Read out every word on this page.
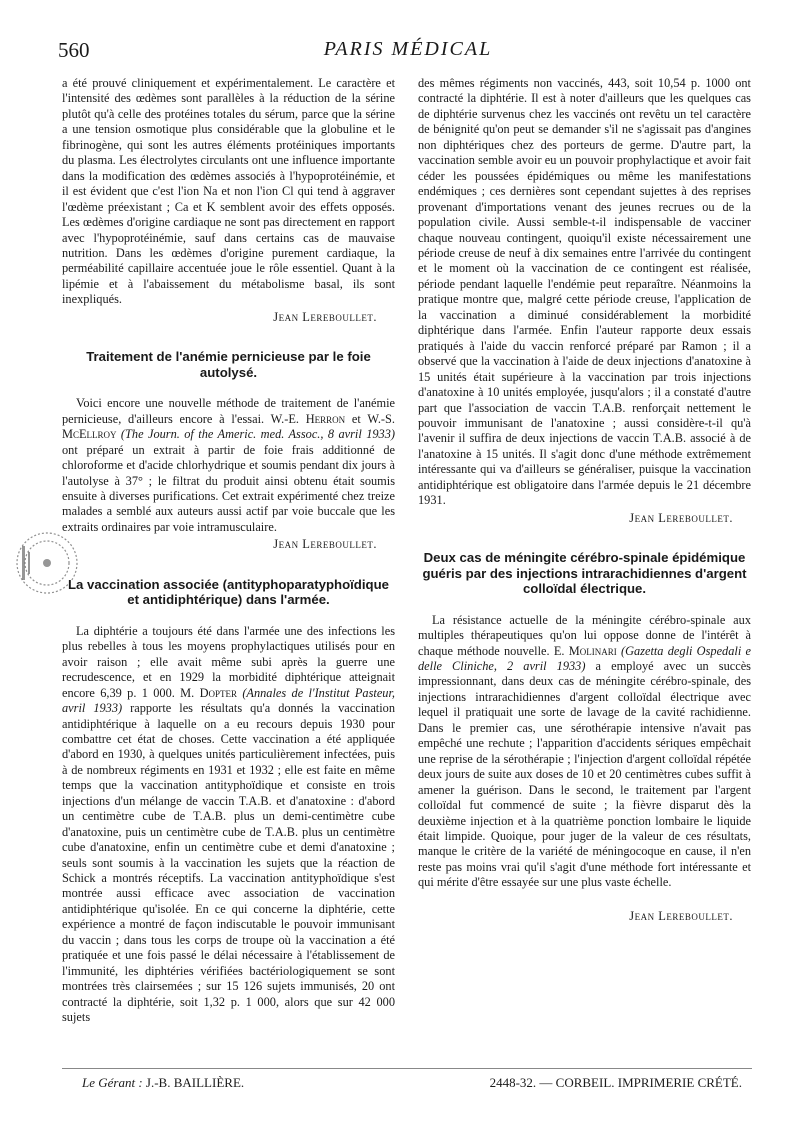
560	PARIS MÉDICAL

a été prouvé cliniquement et expérimentalement. Le caractère et l'intensité des œdèmes sont parallèles à la réduction de la sérine plutôt qu'à celle des protéines totales du sérum, parce que la sérine a une tension osmotique plus considérable que la globuline et le fibrinogène, qui sont les autres éléments protéiniques importants du plasma. Les électrolytes circulants ont une influence importante dans la modification des œdèmes associés à l'hypoprotéinémie, et il est évident que c'est l'ion Na et non l'ion Cl qui tend à aggraver l'œdème préexistant ; Ca et K semblent avoir des effets opposés. Les œdèmes d'origine cardiaque ne sont pas directement en rapport avec l'hypoprotéinémie, sauf dans certains cas de mauvaise nutrition. Dans les œdèmes d'origine purement cardiaque, la perméabilité capillaire accentuée joue le rôle essentiel. Quant à la lipémie et à l'abaissement du métabolisme basal, ils sont inexpliqués.

Jean Lereboullet.
Traitement de l'anémie pernicieuse par le foie autolysé.

Voici encore une nouvelle méthode de traitement de l'anémie pernicieuse, d'ailleurs encore à l'essai. W.-E. Herron et W.-S. McEllroy (The Journ. of the Americ. med. Assoc., 8 avril 1933) ont préparé un extrait à partir de foie frais additionné de chloroforme et d'acide chlorhydrique et soumis pendant dix jours à l'autolyse à 37° ; le filtrat du produit ainsi obtenu était soumis ensuite à diverses purifications. Cet extrait expérimenté chez treize malades a semblé aux auteurs aussi actif par voie buccale que les extraits ordinaires par voie intramusculaire.

Jean Lereboullet.
La vaccination associée (antityphoparatyphoïdique et antidiphtérique) dans l'armée.

La diphtérie a toujours été dans l'armée une des infections les plus rebelles à tous les moyens prophylactiques utilisés pour en avoir raison ; elle avait même subi après la guerre une recrudescence, et en 1929 la morbidité diphtérique atteignait encore 6,39 p. 1 000. M. Dopter (Annales de l'Institut Pasteur, avril 1933) rapporte les résultats qu'a donnés la vaccination antidiphtérique à laquelle on a eu recours depuis 1930 pour combattre cet état de choses. Cette vaccination a été appliquée d'abord en 1930, à quelques unités particulièrement infectées, puis à de nombreux régiments en 1931 et 1932 ; elle est faite en même temps que la vaccination antityphoïdique et consiste en trois injections d'un mélange de vaccin T.A.B. et d'anatoxine : d'abord un centimètre cube de T.A.B. plus un demi-centimètre cube d'anatoxine, puis un centimètre cube de T.A.B. plus un centimètre cube d'anatoxine, enfin un centimètre cube et demi d'anatoxine ; seuls sont soumis à la vaccination les sujets que la réaction de Schick a montrés réceptifs. La vaccination antityphoïdique s'est montrée aussi efficace avec association de vaccination antidiphtérique qu'isolée. En ce qui concerne la diphtérie, cette expérience a montré de façon indiscutable le pouvoir immunisant du vaccin ; dans tous les corps de troupe où la vaccination a été pratiquée et une fois passé le délai nécessaire à l'établissement de l'immunité, les diphtéries vérifiées bactériologiquement se sont montrées très clairsemées ; sur 15 126 sujets immunisés, 20 ont contracté la diphtérie, soit 1,32 p. 1 000, alors que sur 42 000 sujets

des mêmes régiments non vaccinés, 443, soit 10,54 p. 1000 ont contracté la diphtérie. Il est à noter d'ailleurs que les quelques cas de diphtérie survenus chez les vaccinés ont revêtu un tel caractère de bénignité qu'on peut se demander s'il ne s'agissait pas d'angines non diphtériques chez des porteurs de germe. D'autre part, la vaccination semble avoir eu un pouvoir prophylactique et avoir fait céder les poussées épidémiques ou même les manifestations endémiques ; ces dernières sont cependant sujettes à des reprises provenant d'importations venant des jeunes recrues ou de la population civile. Aussi semble-t-il indispensable de vacciner chaque nouveau contingent, quoiqu'il existe nécessairement une période creuse de neuf à dix semaines entre l'arrivée du contingent et le moment où la vaccination de ce contingent est réalisée, période pendant laquelle l'endémie peut reparaître. Néanmoins la pratique montre que, malgré cette période creuse, l'application de la vaccination a diminué considérablement la morbidité diphtérique dans l'armée. Enfin l'auteur rapporte deux essais pratiqués à l'aide du vaccin renforcé préparé par Ramon ; il a observé que la vaccination à l'aide de deux injections d'anatoxine à 15 unités était supérieure à la vaccination par trois injections d'anatoxine à 10 unités employée, jusqu'alors ; il a constaté d'autre part que l'association de vaccin T.A.B. renforçait nettement le pouvoir immunisant de l'anatoxine ; aussi considère-t-il qu'à l'avenir il suffira de deux injections de vaccin T.A.B. associé à de l'anatoxine à 15 unités. Il s'agit donc d'une méthode extrêmement intéressante qui va d'ailleurs se généraliser, puisque la vaccination antidiphtérique est obligatoire dans l'armée depuis le 21 décembre 1931.

Jean Lereboullet.
Deux cas de méningite cérébro-spinale épidémique guéris par des injections intrarachidiennes d'argent colloïdal électrique.

La résistance actuelle de la méningite cérébro-spinale aux multiples thérapeutiques qu'on lui oppose donne de l'intérêt à chaque méthode nouvelle. E. Molinari (Gazetta degli Ospedali e delle Cliniche, 2 avril 1933) a employé avec un succès impressionnant, dans deux cas de méningite cérébro-spinale, des injections intrarachidiennes d'argent colloïdal électrique avec lequel il pratiquait une sorte de lavage de la cavité rachidienne. Dans le premier cas, une sérothérapie intensive n'avait pas empêché une rechute ; l'apparition d'accidents sériques empêchait une reprise de la sérothérapie ; l'injection d'argent colloïdal répétée deux jours de suite aux doses de 10 et 20 centimètres cubes suffit à amener la guérison. Dans le second, le traitement par l'argent colloïdal fut commencé de suite ; la fièvre disparut dès la deuxième injection et à la quatrième ponction lombaire le liquide était limpide. Quoique, pour juger de la valeur de ces résultats, manque le critère de la variété de méningocoque en cause, il n'en reste pas moins vrai qu'il s'agit d'une méthode fort intéressante et qui mérite d'être essayée sur une plus vaste échelle.

Jean Lereboullet.
Le Gérant : J.-B. BAILLIÈRE.	2448-32. — CORBEIL. IMPRIMERIE CRÉTÉ.
